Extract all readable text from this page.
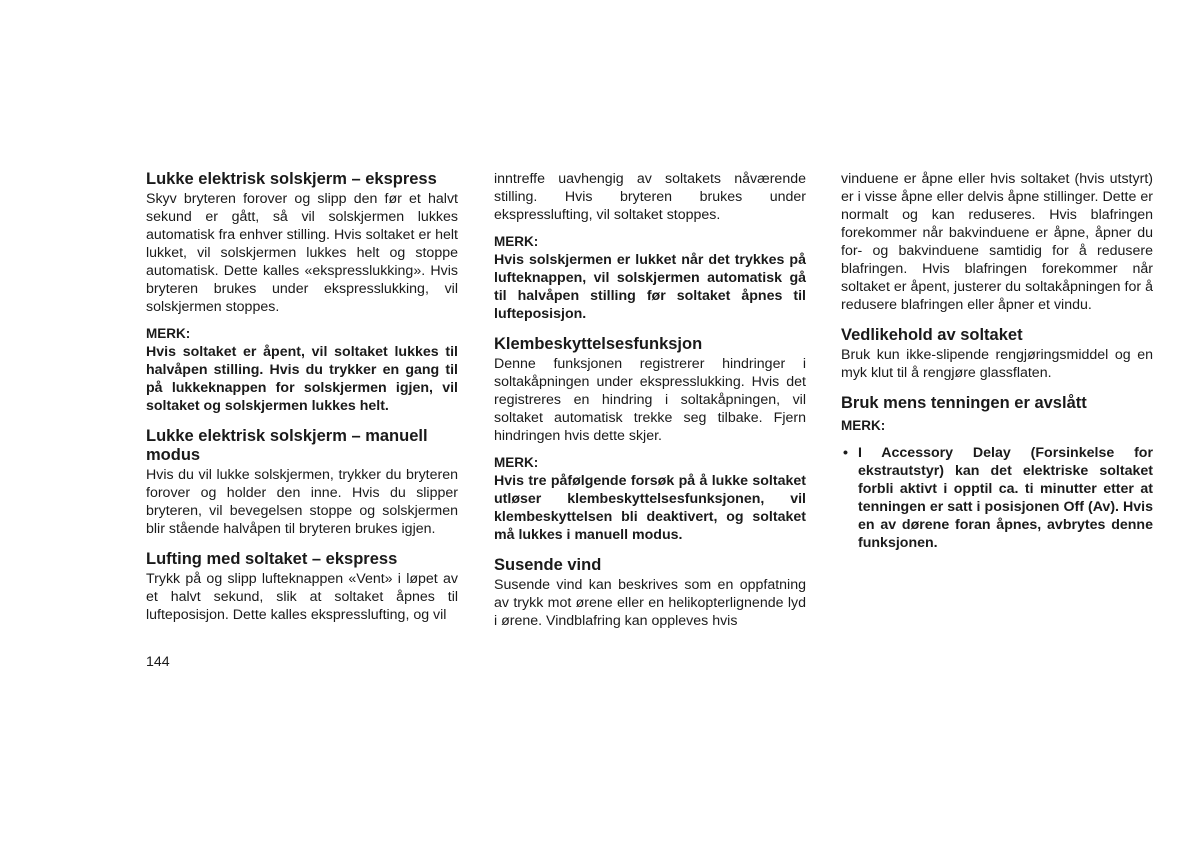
Lukke elektrisk solskjerm – ekspress

Skyv bryteren forover og slipp den før et halvt sekund er gått, så vil solskjermen lukkes automatisk fra enhver stilling. Hvis soltaket er helt lukket, vil solskjermen lukkes helt og stoppe automatisk. Dette kalles «ekspresslukking». Hvis bryteren brukes under ekspresslukking, vil solskjermen stoppes.

MERK:

Hvis soltaket er åpent, vil soltaket lukkes til halvåpen stilling. Hvis du trykker en gang til på lukkeknappen for solskjermen igjen, vil soltaket og solskjermen lukkes helt.

Lukke elektrisk solskjerm – manuell modus

Hvis du vil lukke solskjermen, trykker du bryteren forover og holder den inne. Hvis du slipper bryteren, vil bevegelsen stoppe og solskjermen blir stående halvåpen til bryteren brukes igjen.

Lufting med soltaket – ekspress

Trykk på og slipp lufteknappen «Vent» i løpet av et halvt sekund, slik at soltaket åpnes til lufteposisjon. Dette kalles ekspresslufting, og vil

inntreffe uavhengig av soltakets nåværende stilling. Hvis bryteren brukes under ekspresslufting, vil soltaket stoppes.

MERK:

Hvis solskjermen er lukket når det trykkes på lufteknappen, vil solskjermen automatisk gå til halvåpen stilling før soltaket åpnes til lufteposisjon.

Klembeskyttelsesfunksjon

Denne funksjonen registrerer hindringer i soltakåpningen under ekspresslukking. Hvis det registreres en hindring i soltakåpningen, vil soltaket automatisk trekke seg tilbake. Fjern hindringen hvis dette skjer.

MERK:

Hvis tre påfølgende forsøk på å lukke soltaket utløser klembeskyttelsesfunksjonen, vil klembeskyttelsen bli deaktivert, og soltaket må lukkes i manuell modus.

Susende vind

Susende vind kan beskrives som en oppfatning av trykk mot ørene eller en helikopterlignende lyd i ørene. Vindblafring kan oppleves hvis

vinduene er åpne eller hvis soltaket (hvis utstyrt) er i visse åpne eller delvis åpne stillinger. Dette er normalt og kan reduseres. Hvis blafringen forekommer når bakvinduene er åpne, åpner du for- og bakvinduene samtidig for å redusere blafringen. Hvis blafringen forekommer når soltaket er åpent, justerer du soltakåpningen for å redusere blafringen eller åpner et vindu.

Vedlikehold av soltaket

Bruk kun ikke-slipende rengjøringsmiddel og en myk klut til å rengjøre glassflaten.

Bruk mens tenningen er avslått
MERK:
• I Accessory Delay (Forsinkelse for ekstrautstyr) kan det elektriske soltaket forbli aktivt i opptil ca. ti minutter etter at tenningen er satt i posisjonen Off (Av). Hvis en av dørene foran åpnes, avbrytes denne funksjonen.
144
